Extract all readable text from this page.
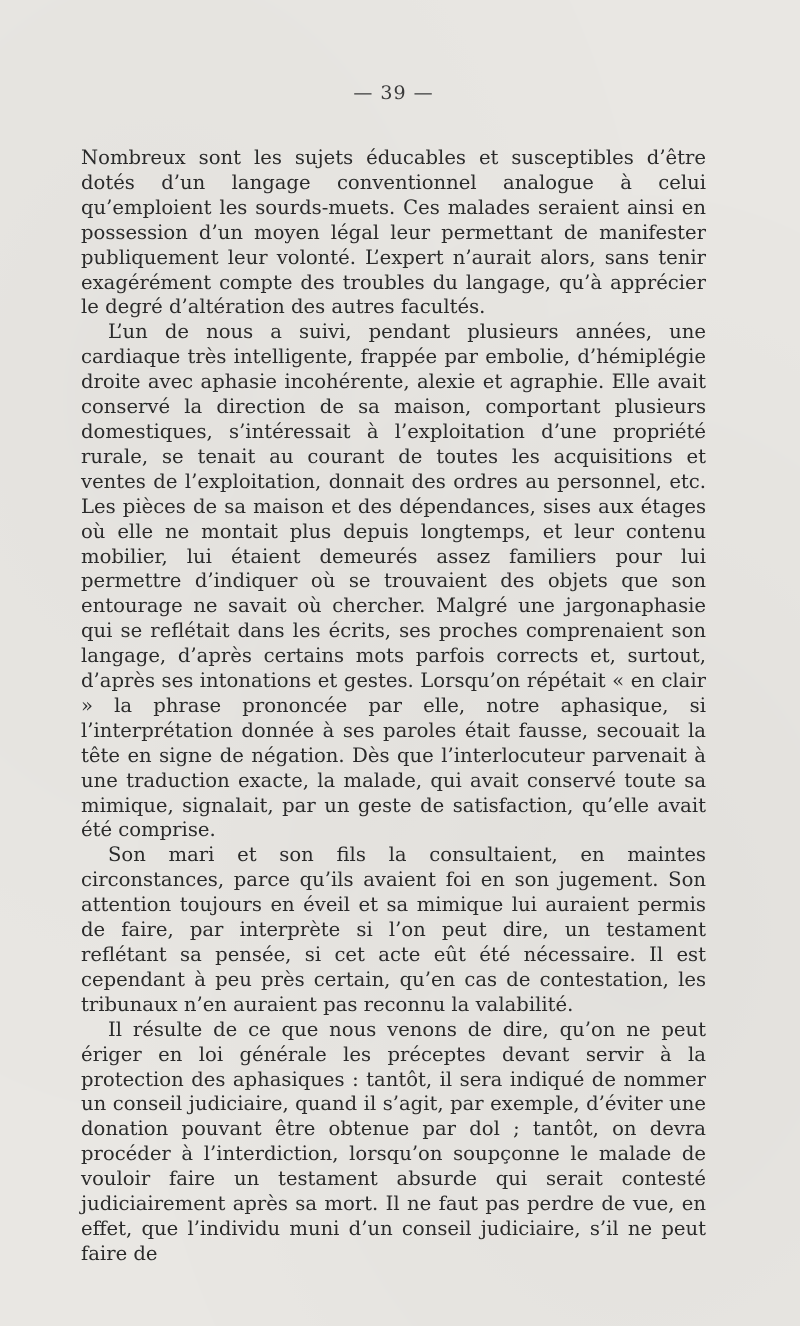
— 39 —

Nombreux sont les sujets éducables et susceptibles d’être dotés d’un langage conventionnel analogue à celui qu’emploient les sourds-muets. Ces malades seraient ainsi en possession d’un moyen légal leur permettant de manifester publiquement leur volonté. L’expert n’aurait alors, sans tenir exagérément compte des troubles du langage, qu’à apprécier le degré d’altération des autres facultés.

L’un de nous a suivi, pendant plusieurs années, une cardiaque très intelligente, frappée par embolie, d’hémiplégie droite avec aphasie incohérente, alexie et agraphie. Elle avait conservé la direction de sa maison, comportant plusieurs domestiques, s’intéressait à l’exploitation d’une propriété rurale, se tenait au courant de toutes les acquisitions et ventes de l’exploitation, donnait des ordres au personnel, etc. Les pièces de sa maison et des dépendances, sises aux étages où elle ne montait plus depuis longtemps, et leur contenu mobilier, lui étaient demeurés assez familiers pour lui permettre d’indiquer où se trouvaient des objets que son entourage ne savait où chercher. Malgré une jargonaphasie qui se reflétait dans les écrits, ses proches comprenaient son langage, d’après certains mots parfois corrects et, surtout, d’après ses intonations et gestes. Lorsqu’on répétait « en clair » la phrase prononcée par elle, notre aphasique, si l’interprétation donnée à ses paroles était fausse, secouait la tête en signe de négation. Dès que l’interlocuteur parvenait à une traduction exacte, la malade, qui avait conservé toute sa mimique, signalait, par un geste de satisfaction, qu’elle avait été comprise.

Son mari et son fils la consultaient, en maintes circonstances, parce qu’ils avaient foi en son jugement. Son attention toujours en éveil et sa mimique lui auraient permis de faire, par interprète si l’on peut dire, un testament reflétant sa pensée, si cet acte eût été nécessaire. Il est cependant à peu près certain, qu’en cas de contestation, les tribunaux n’en auraient pas reconnu la valabilité.

Il résulte de ce que nous venons de dire, qu’on ne peut ériger en loi générale les préceptes devant servir à la protection des aphasiques : tantôt, il sera indiqué de nommer un conseil judiciaire, quand il s’agit, par exemple, d’éviter une donation pouvant être obtenue par dol ; tantôt, on devra procéder à l’interdiction, lorsqu’on soupçonne le malade de vouloir faire un testament absurde qui serait contesté judiciairement après sa mort. Il ne faut pas perdre de vue, en effet, que l’individu muni d’un conseil judiciaire, s’il ne peut faire de
